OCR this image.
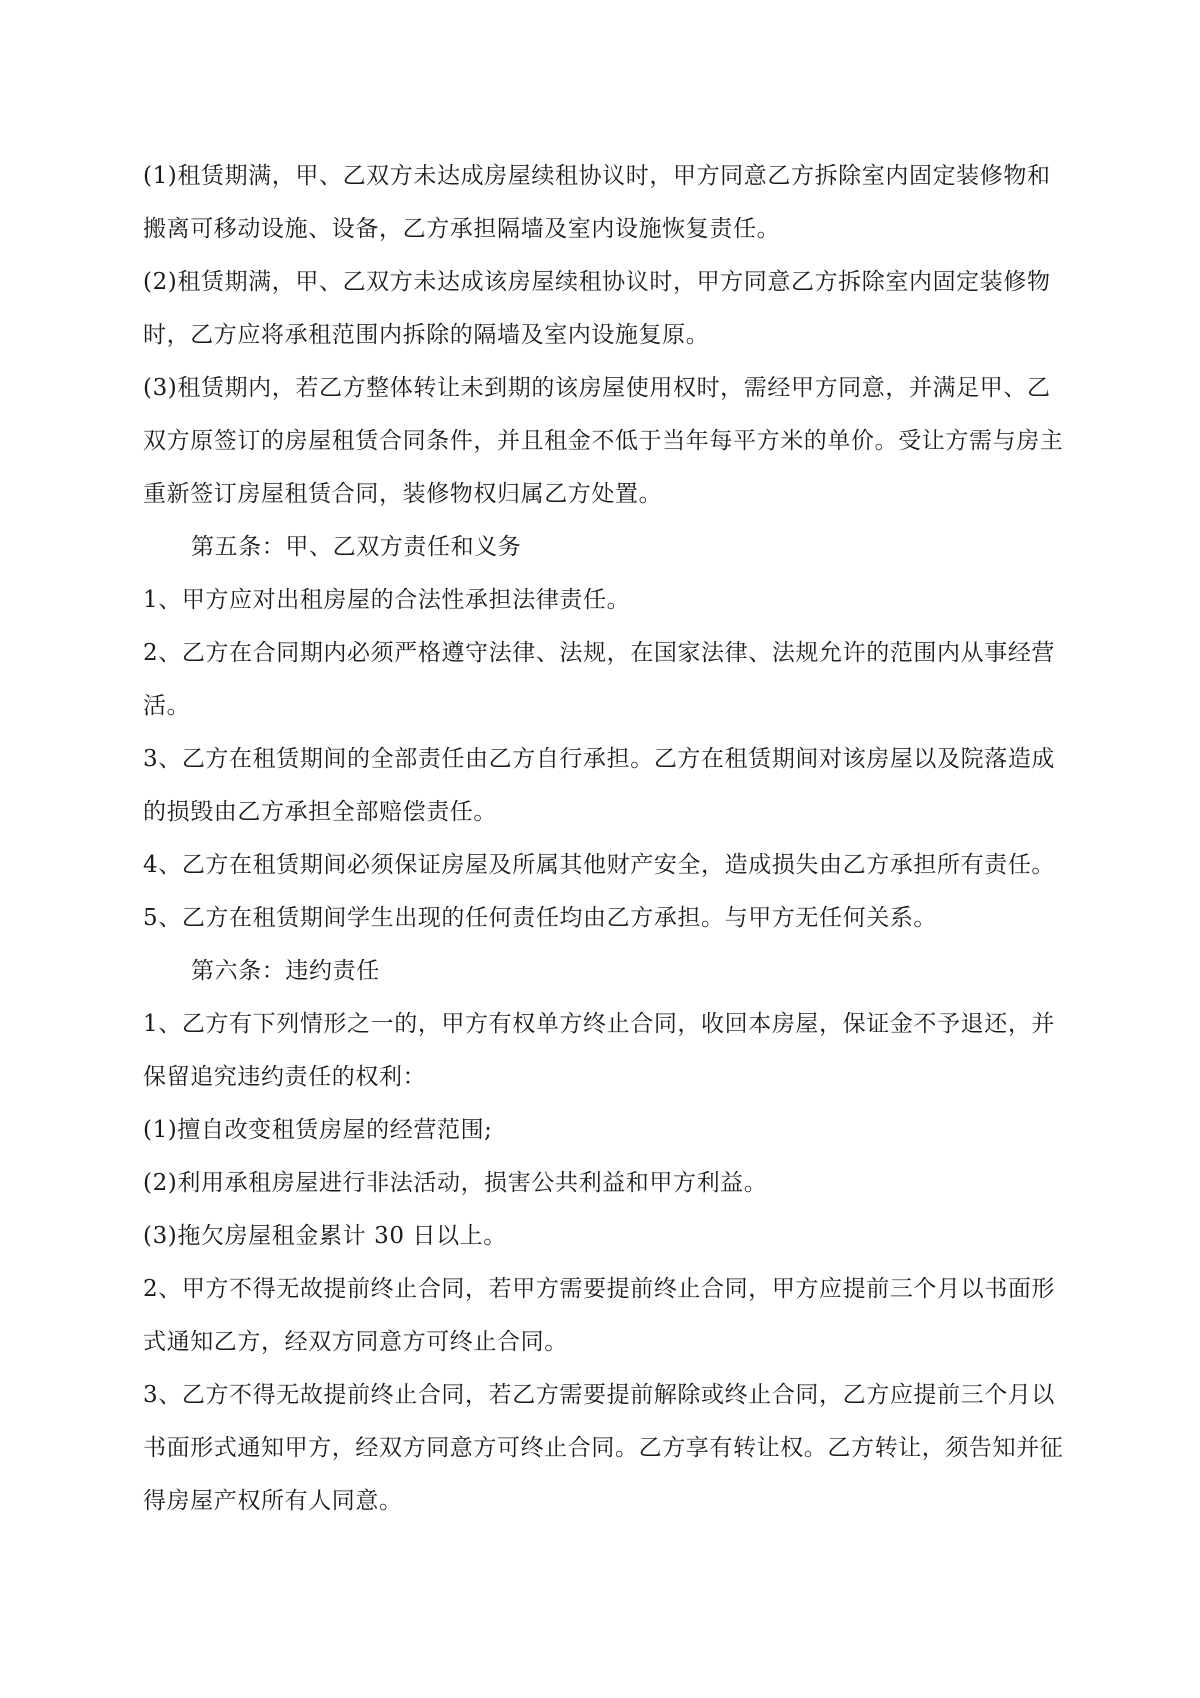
(1)租赁期满，甲、乙双方未达成房屋续租协议时，甲方同意乙方拆除室内固定装修物和
搬离可移动设施、设备，乙方承担隔墙及室内设施恢复责任。

(2)租赁期满，甲、乙双方未达成该房屋续租协议时，甲方同意乙方拆除室内固定装修物
时，乙方应将承租范围内拆除的隔墙及室内设施复原。

(3)租赁期内，若乙方整体转让未到期的该房屋使用权时，需经甲方同意，并满足甲、乙
双方原签订的房屋租赁合同条件，并且租金不低于当年每平方米的单价。受让方需与房主
重新签订房屋租赁合同，装修物权归属乙方处置。

第五条：甲、乙双方责任和义务

1、甲方应对出租房屋的合法性承担法律责任。

2、乙方在合同期内必须严格遵守法律、法规，在国家法律、法规允许的范围内从事经营
活。

3、乙方在租赁期间的全部责任由乙方自行承担。乙方在租赁期间对该房屋以及院落造成
的损毁由乙方承担全部赔偿责任。

4、乙方在租赁期间必须保证房屋及所属其他财产安全，造成损失由乙方承担所有责任。

5、乙方在租赁期间学生出现的任何责任均由乙方承担。与甲方无任何关系。

第六条：违约责任

1、乙方有下列情形之一的，甲方有权单方终止合同，收回本房屋，保证金不予退还，并
保留追究违约责任的权利：

(1)擅自改变租赁房屋的经营范围;

(2)利用承租房屋进行非法活动，损害公共利益和甲方利益。

(3)拖欠房屋租金累计 30 日以上。

2、甲方不得无故提前终止合同，若甲方需要提前终止合同，甲方应提前三个月以书面形
式通知乙方，经双方同意方可终止合同。

3、乙方不得无故提前终止合同，若乙方需要提前解除或终止合同，乙方应提前三个月以
书面形式通知甲方，经双方同意方可终止合同。乙方享有转让权。乙方转让，须告知并征
得房屋产权所有人同意。
